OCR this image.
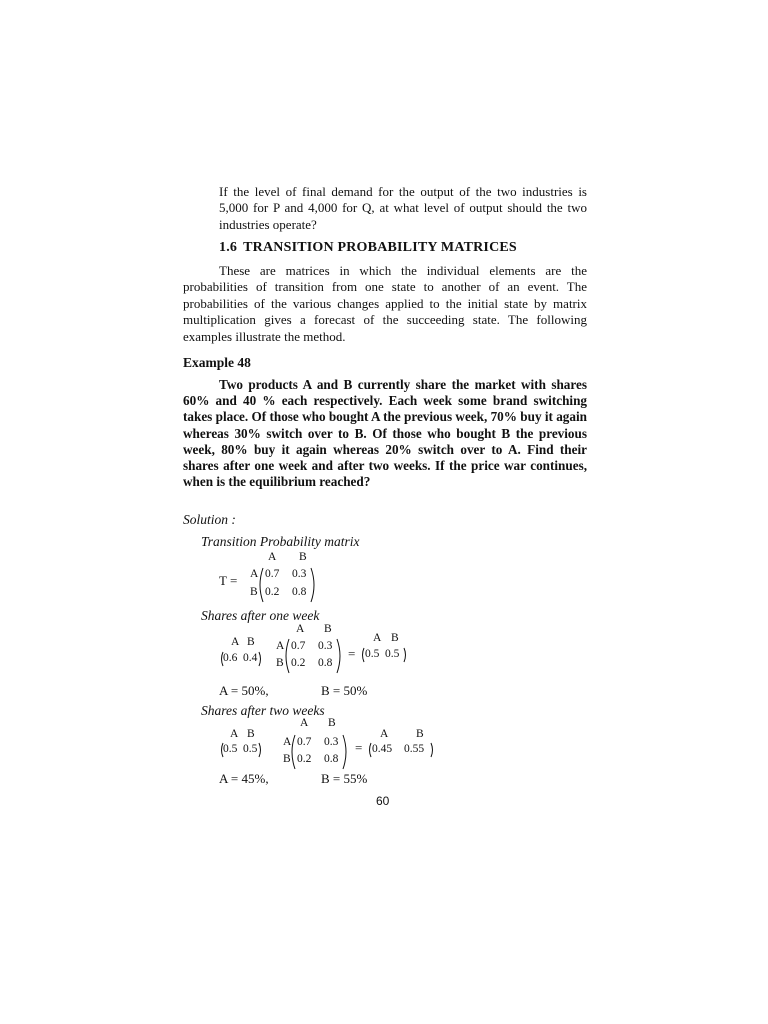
If the level of final demand for the output of the two industries is 5,000 for P and 4,000 for Q, at what level of output should the two industries operate?
1.6 TRANSITION PROBABILITY MATRICES
These are matrices in which the individual elements are the probabilities of transition from one state to another of an event. The probabilities of the various changes applied to the initial state by matrix multiplication gives a forecast of the succeeding state. The following examples illustrate the method.
Example 48
Two products A and B currently share the market with shares 60% and 40 % each respectively. Each week some brand switching takes place. Of those who bought A the previous week, 70% buy it again whereas 30% switch over to B. Of those who bought B the previous week, 80% buy it again whereas 20% switch over to A. Find their shares after one week and after two weeks. If the price war continues, when is the equilibrium reached?
Solution :
Transition Probability matrix
A B
T = A
B
0.7 0.3
0.2 0.8
Shares after one week
A B
A B
0.6 0.4
A
B
0.7 0.3
0.2 0.8
=
A B
0.5 0.5
A = 50%,	B = 50%
Shares after two weeks
A B
A B
0.5 0.5
A
B
0.7 0.3
0.2 0.8
=
A B
0.45 0.55
A = 45%,	B = 55%
60
